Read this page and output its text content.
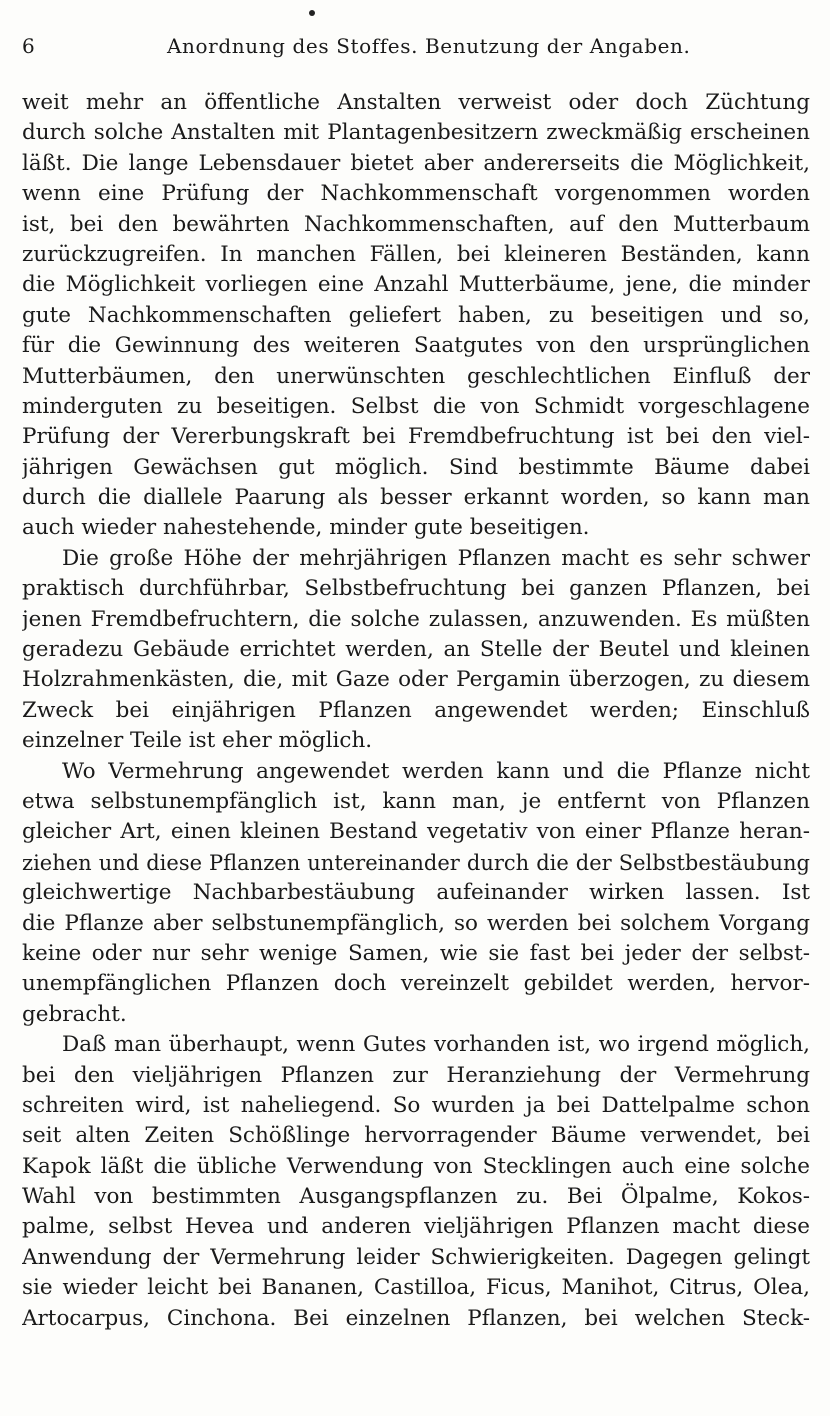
6	Anordnung des Stoffes. Benutzung der Angaben.
weit mehr an öffentliche Anstalten verweist oder doch Züchtung
durch solche Anstalten mit Plantagenbesitzern zweckmäßig erscheinen
läßt. Die lange Lebensdauer bietet aber andererseits die Möglichkeit,
wenn eine Prüfung der Nachkommenschaft vorgenommen worden
ist, bei den bewährten Nachkommenschaften, auf den Mutterbaum
zurückzugreifen. In manchen Fällen, bei kleineren Beständen, kann
die Möglichkeit vorliegen eine Anzahl Mutterbäume, jene, die minder
gute Nachkommenschaften geliefert haben, zu beseitigen und so,
für die Gewinnung des weiteren Saatgutes von den ursprünglichen
Mutterbäumen, den unerwünschten geschlechtlichen Einfluß der
minderguten zu beseitigen. Selbst die von Schmidt vorgeschlagene
Prüfung der Vererbungskraft bei Fremdbefruchtung ist bei den viel-
jährigen Gewächsen gut möglich. Sind bestimmte Bäume dabei
durch die diallele Paarung als besser erkannt worden, so kann man
auch wieder nahestehende, minder gute beseitigen.
Die große Höhe der mehrjährigen Pflanzen macht es sehr schwer
praktisch durchführbar, Selbstbefruchtung bei ganzen Pflanzen, bei
jenen Fremdbefruchtern, die solche zulassen, anzuwenden. Es müßten
geradezu Gebäude errichtet werden, an Stelle der Beutel und kleinen
Holzrahmenkästen, die, mit Gaze oder Pergamin überzogen, zu diesem
Zweck bei einjährigen Pflanzen angewendet werden; Einschluß
einzelner Teile ist eher möglich.
Wo Vermehrung angewendet werden kann und die Pflanze nicht
etwa selbstunempfänglich ist, kann man, je entfernt von Pflanzen
gleicher Art, einen kleinen Bestand vegetativ von einer Pflanze heran-
ziehen und diese Pflanzen untereinander durch die der Selbstbestäubung
gleichwertige Nachbarbestäubung aufeinander wirken lassen. Ist
die Pflanze aber selbstunempfänglich, so werden bei solchem Vorgang
keine oder nur sehr wenige Samen, wie sie fast bei jeder der selbst-
unempfänglichen Pflanzen doch vereinzelt gebildet werden, hervor-
gebracht.
Daß man überhaupt, wenn Gutes vorhanden ist, wo irgend möglich,
bei den vieljährigen Pflanzen zur Heranziehung der Vermehrung
schreiten wird, ist naheliegend. So wurden ja bei Dattelpalme schon
seit alten Zeiten Schößlinge hervorragender Bäume verwendet, bei
Kapok läßt die übliche Verwendung von Stecklingen auch eine solche
Wahl von bestimmten Ausgangspflanzen zu. Bei Ölpalme, Kokos-
palme, selbst Hevea und anderen vieljährigen Pflanzen macht diese
Anwendung der Vermehrung leider Schwierigkeiten. Dagegen gelingt
sie wieder leicht bei Bananen, Castilloa, Ficus, Manihot, Citrus, Olea,
Artocarpus, Cinchona. Bei einzelnen Pflanzen, bei welchen Steck-
